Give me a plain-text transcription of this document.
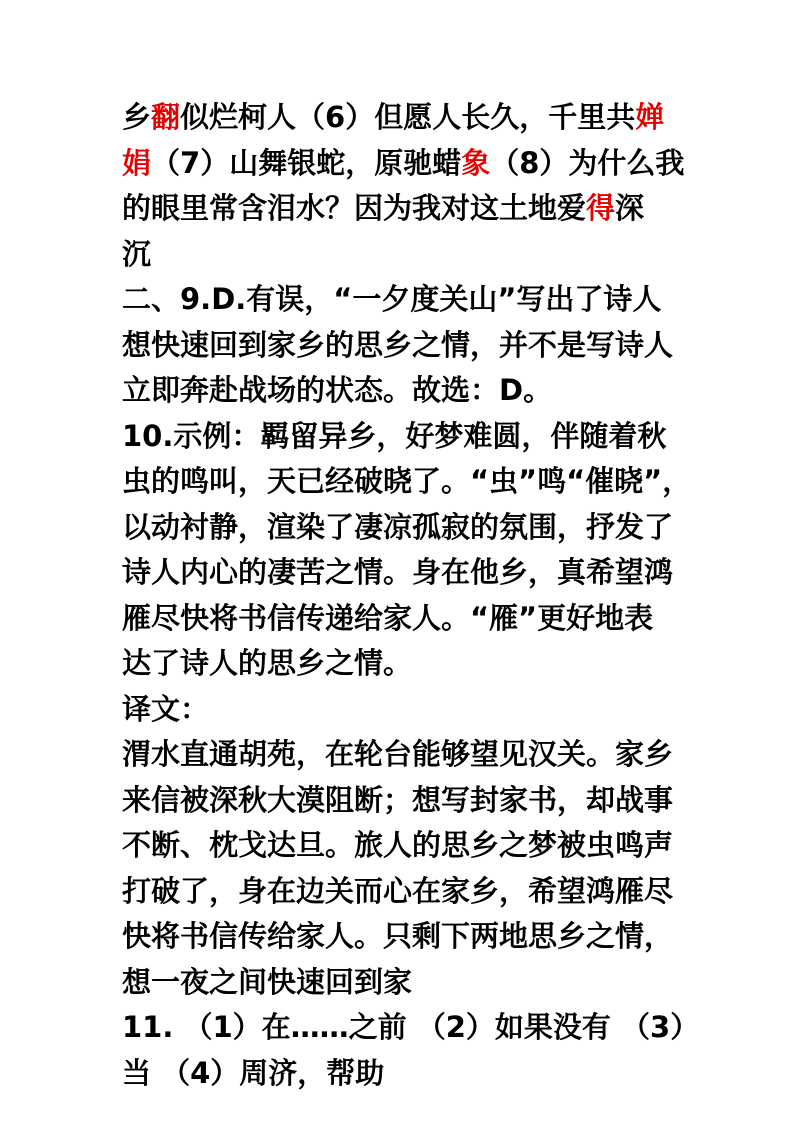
乡翻似烂柯人（6）但愿人长久，千里共婵
娟（7）山舞银蛇，原驰蜡象（8）为什么我
的眼里常含泪水？因为我对这土地爱得深
沉
二、9.D.有误，“一夕度关山”写出了诗人
想快速回到家乡的思乡之情，并不是写诗人
立即奔赴战场的状态。故选：D。
10.示例：羁留异乡，好梦难圆，伴随着秋
虫的鸣叫，天已经破晓了。“虫”鸣“催晓”，
以动衬静，渲染了凄凉孤寂的氛围，抒发了
诗人内心的凄苦之情。身在他乡，真希望鸿
雁尽快将书信传递给家人。“雁”更好地表
达了诗人的思乡之情。
译文：
渭水直通胡苑，在轮台能够望见汉关。家乡
来信被深秋大漠阻断；想写封家书，却战事
不断、枕戈达旦。旅人的思乡之梦被虫鸣声
打破了，身在边关而心在家乡，希望鸿雁尽
快将书信传给家人。只剩下两地思乡之情，
想一夜之间快速回到家
11. （1）在……之前 （2）如果没有 （3）
当 （4）周济，帮助
